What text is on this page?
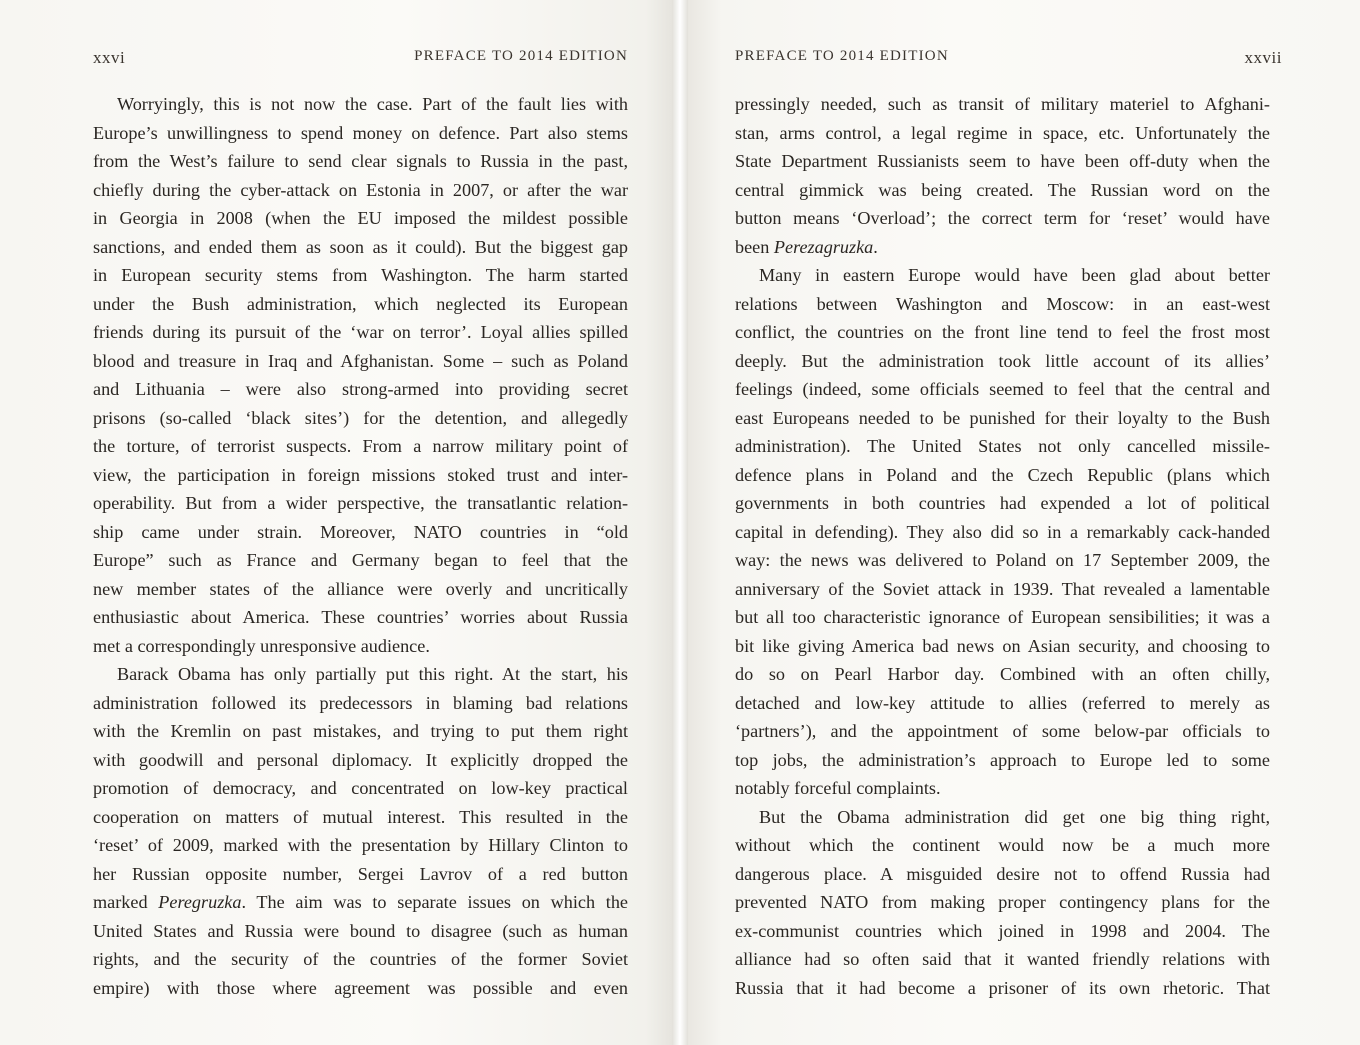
xxvi	PREFACE TO 2014 EDITION

Worryingly, this is not now the case. Part of the fault lies with
Europe’s unwillingness to spend money on defence. Part also stems
from the West’s failure to send clear signals to Russia in the past,
chiefly during the cyber-attack on Estonia in 2007, or after the war
in Georgia in 2008 (when the EU imposed the mildest possible
sanctions, and ended them as soon as it could). But the biggest gap
in European security stems from Washington. The harm started
under the Bush administration, which neglected its European
friends during its pursuit of the ‘war on terror’. Loyal allies spilled
blood and treasure in Iraq and Afghanistan. Some – such as Poland
and Lithuania – were also strong-armed into providing secret
prisons (so-called ‘black sites’) for the detention, and allegedly
the torture, of terrorist suspects. From a narrow military point of
view, the participation in foreign missions stoked trust and inter-
operability. But from a wider perspective, the transatlantic relation-
ship came under strain. Moreover, NATO countries in “old
Europe” such as France and Germany began to feel that the
new member states of the alliance were overly and uncritically
enthusiastic about America. These countries’ worries about Russia
met a correspondingly unresponsive audience.

Barack Obama has only partially put this right. At the start, his
administration followed its predecessors in blaming bad relations
with the Kremlin on past mistakes, and trying to put them right
with goodwill and personal diplomacy. It explicitly dropped the
promotion of democracy, and concentrated on low-key practical
cooperation on matters of mutual interest. This resulted in the
‘reset’ of 2009, marked with the presentation by Hillary Clinton to
her Russian opposite number, Sergei Lavrov of a red button
marked Peregruzka. The aim was to separate issues on which the
United States and Russia were bound to disagree (such as human
rights, and the security of the countries of the former Soviet
empire) with those where agreement was possible and even

PREFACE TO 2014 EDITION	xxvii

pressingly needed, such as transit of military materiel to Afghani-
stan, arms control, a legal regime in space, etc. Unfortunately the
State Department Russianists seem to have been off-duty when the
central gimmick was being created. The Russian word on the
button means ‘Overload’; the correct term for ‘reset’ would have
been Perezagruzka.

Many in eastern Europe would have been glad about better
relations between Washington and Moscow: in an east-west
conflict, the countries on the front line tend to feel the frost most
deeply. But the administration took little account of its allies’
feelings (indeed, some officials seemed to feel that the central and
east Europeans needed to be punished for their loyalty to the Bush
administration). The United States not only cancelled missile-
defence plans in Poland and the Czech Republic (plans which
governments in both countries had expended a lot of political
capital in defending). They also did so in a remarkably cack-handed
way: the news was delivered to Poland on 17 September 2009, the
anniversary of the Soviet attack in 1939. That revealed a lamentable
but all too characteristic ignorance of European sensibilities; it was a
bit like giving America bad news on Asian security, and choosing to
do so on Pearl Harbor day. Combined with an often chilly,
detached and low-key attitude to allies (referred to merely as
‘partners’), and the appointment of some below-par officials to
top jobs, the administration’s approach to Europe led to some
notably forceful complaints.

But the Obama administration did get one big thing right,
without which the continent would now be a much more
dangerous place. A misguided desire not to offend Russia had
prevented NATO from making proper contingency plans for the
ex-communist countries which joined in 1998 and 2004. The
alliance had so often said that it wanted friendly relations with
Russia that it had become a prisoner of its own rhetoric. That
